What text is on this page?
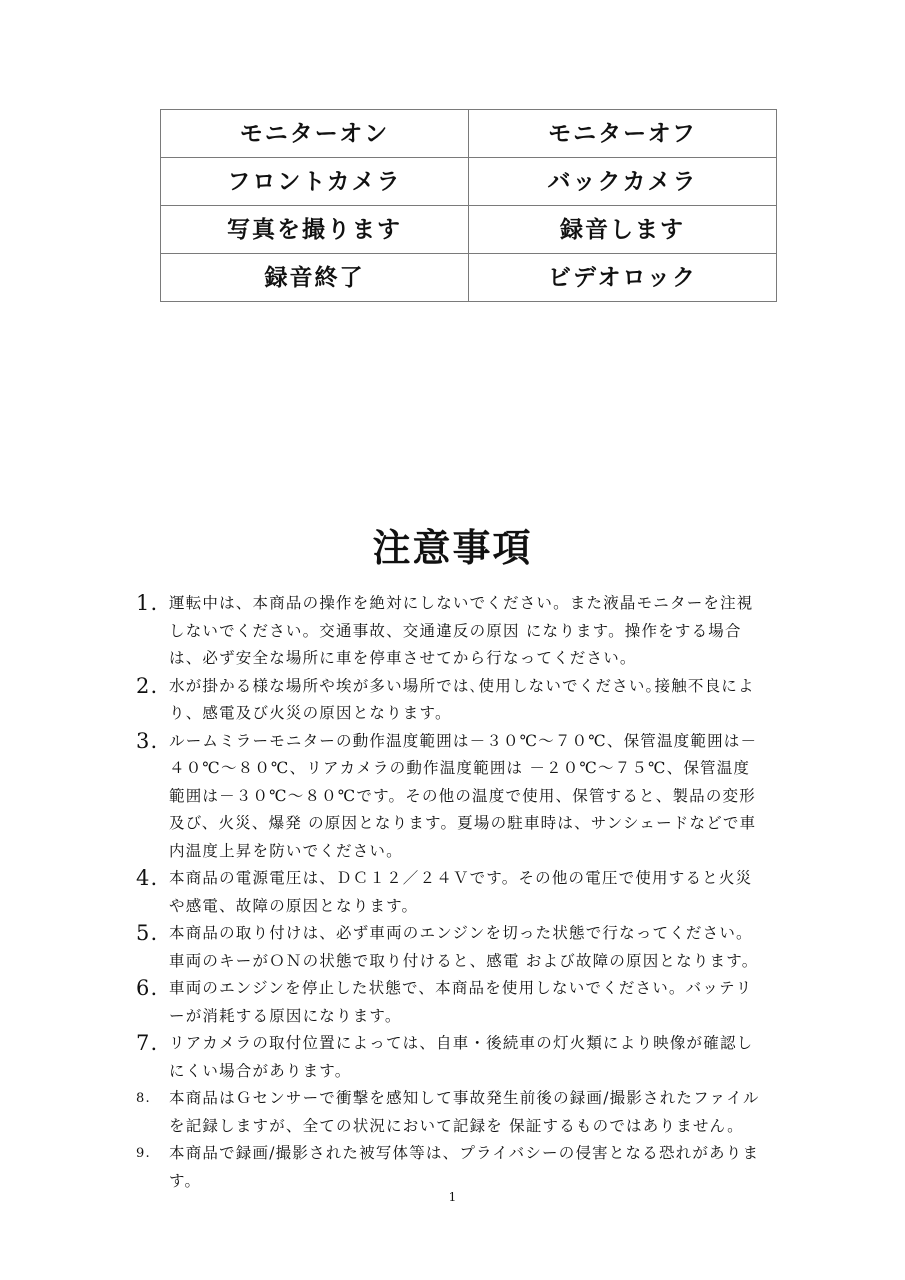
モニターオン	モニターオフ
フロントカメラ	バックカメラ
写真を撮ります	録音します
録音終了	ビデオロック
注意事項
1. 運転中は、本商品の操作を絶対にしないでください。また液晶モニターを注視しないでください。交通事故、交通違反の原因 になります。操作をする場合は、必ず安全な場所に車を停車させてから行なってください。
2. 水が掛かる様な場所や埃が多い場所では､使用しないでください｡接触不良により、感電及び火災の原因となります。
3. ルームミラーモニターの動作温度範囲は－３０℃～７０℃、保管温度範囲は－４０℃～８０℃、リアカメラの動作温度範囲は －２０℃～７５℃、保管温度範囲は－３０℃～８０℃です。その他の温度で使用、保管すると、製品の変形及び、火災、爆発 の原因となります。夏場の駐車時は、サンシェードなどで車内温度上昇を防いでください。
4. 本商品の電源電圧は、ＤＣ１２／２４Ｖです。その他の電圧で使用すると火災や感電、故障の原因となります。
5. 本商品の取り付けは、必ず車両のエンジンを切った状態で行なってください。車両のキーがＯＮの状態で取り付けると、感電 および故障の原因となります。
6. 車両のエンジンを停止した状態で、本商品を使用しないでください。バッテリーが消耗する原因になります。
7. リアカメラの取付位置によっては、自車・後続車の灯火類により映像が確認しにくい場合があります。
8. 本商品はＧセンサーで衝撃を感知して事故発生前後の録画/撮影されたファイルを記録しますが、全ての状況において記録を 保証するものではありません。
9. 本商品で録画/撮影された被写体等は、プライバシーの侵害となる恐れがあります。
1
